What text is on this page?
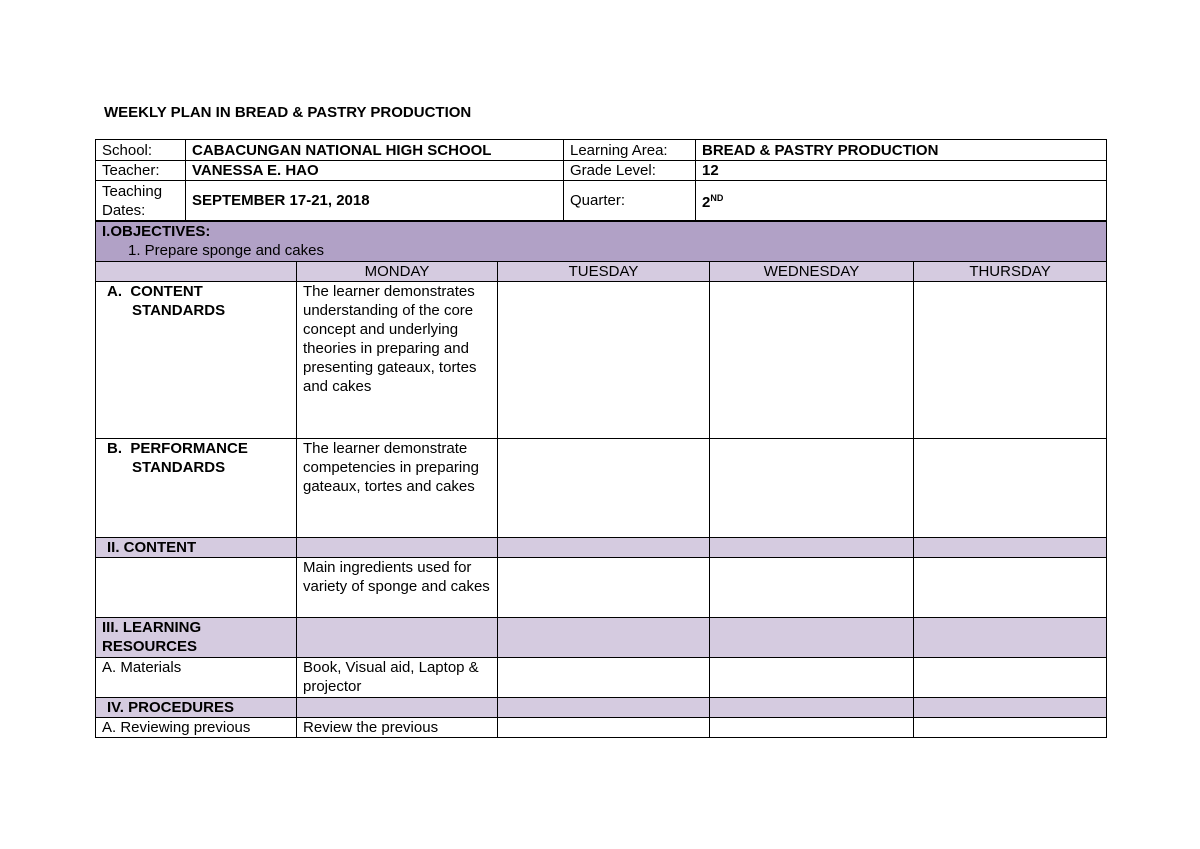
WEEKLY PLAN IN BREAD & PASTRY PRODUCTION
School:	CABACUNGAN NATIONAL HIGH SCHOOL	Learning Area:	BREAD & PASTRY PRODUCTION
Teacher:	VANESSA E. HAO	Grade Level:	12
Teaching Dates:	SEPTEMBER 17-21, 2018	Quarter:	2ND
I.OBJECTIVES:
1. Prepare sponge and cakes				

	MONDAY	TUESDAY	WEDNESDAY	THURSDAY
A.  CONTENT
STANDARDS	The learner demonstrates understanding of the core concept and underlying theories in preparing and presenting gateaux, tortes and cakes			
B.  PERFORMANCE
STANDARDS	The learner demonstrate competencies in preparing gateaux, tortes and cakes			
II. CONTENT				
	Main ingredients used for variety of sponge and cakes			
III. LEARNING RESOURCES				
A. Materials	Book, Visual aid, Laptop & projector			
IV. PROCEDURES				
A. Reviewing previous	Review the previous			
